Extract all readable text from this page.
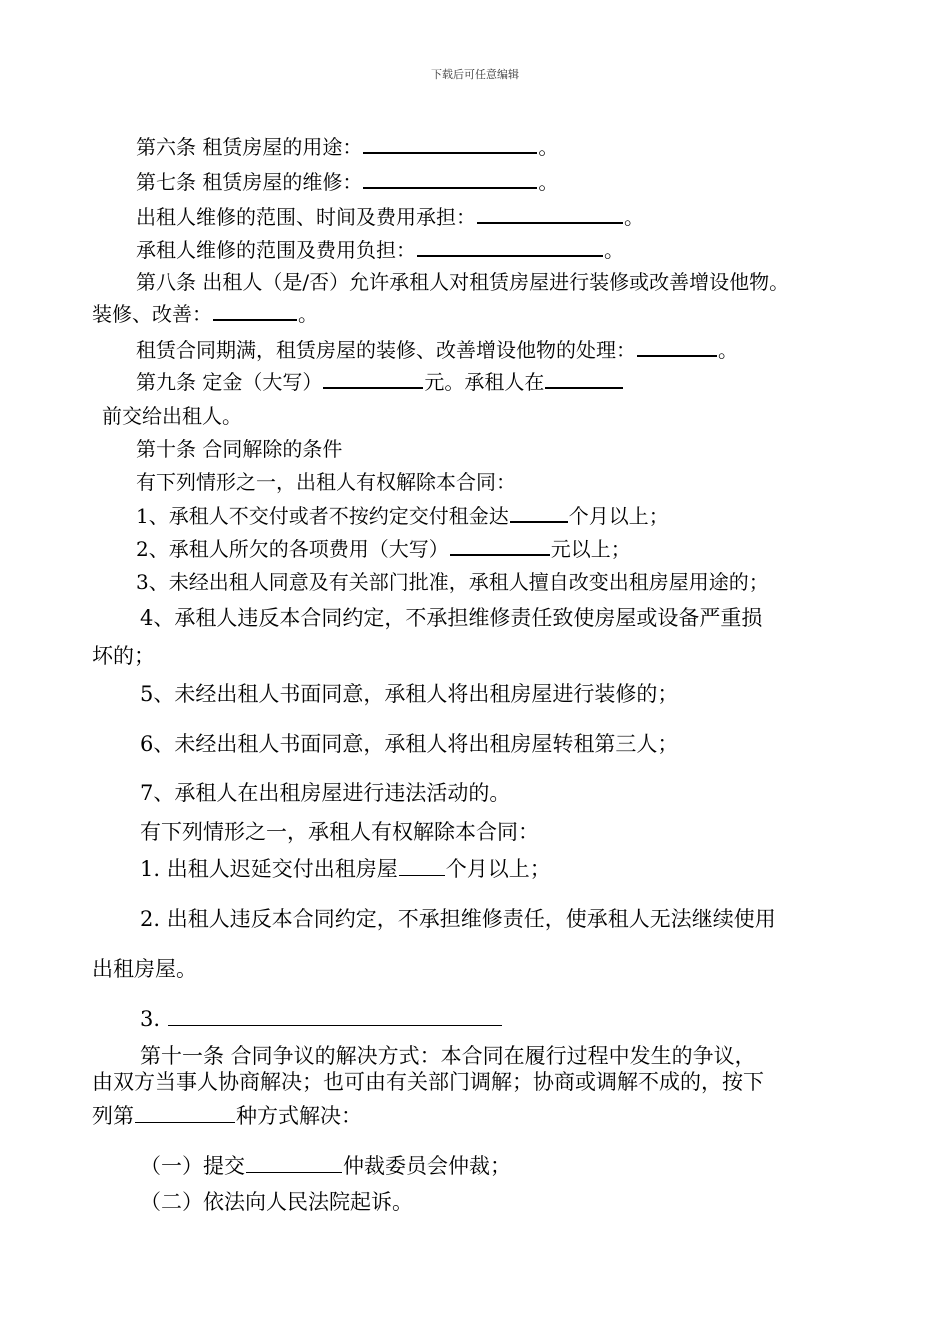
下载后可任意编辑
第六条 租赁房屋的用途：	。
第七条 租赁房屋的维修：	。
出租人维修的范围、时间及费用承担：	。
承租人维修的范围及费用负担：	。
第八条 出租人（是/否）允许承租人对租赁房屋进行装修或改善增设他物。
装修、改善：	。
租赁合同期满，租赁房屋的装修、改善增设他物的处理：	。
第九条 定金（大写）	元。承租人在
前交给出租人。
第十条 合同解除的条件
有下列情形之一，出租人有权解除本合同：
1、承租人不交付或者不按约定交付租金达	个月以上；
2、承租人所欠的各项费用（大写）	元以上；
3、未经出租人同意及有关部门批准，承租人擅自改变出租房屋用途的；
4、承租人违反本合同约定，不承担维修责任致使房屋或设备严重损
坏的；
5、未经出租人书面同意，承租人将出租房屋进行装修的；
6、未经出租人书面同意，承租人将出租房屋转租第三人；
7、承租人在出租房屋进行违法活动的。
有下列情形之一，承租人有权解除本合同：
1. 出租人迟延交付出租房屋 个月以上；
2. 出租人违反本合同约定，不承担维修责任，使承租人无法继续使用
出租房屋。
3.
第十一条 合同争议的解决方式：本合同在履行过程中发生的争议，
由双方当事人协商解决；也可由有关部门调解；协商或调解不成的，按下
列第	种方式解决：
（一）提交	仲裁委员会仲裁；
（二）依法向人民法院起诉。
